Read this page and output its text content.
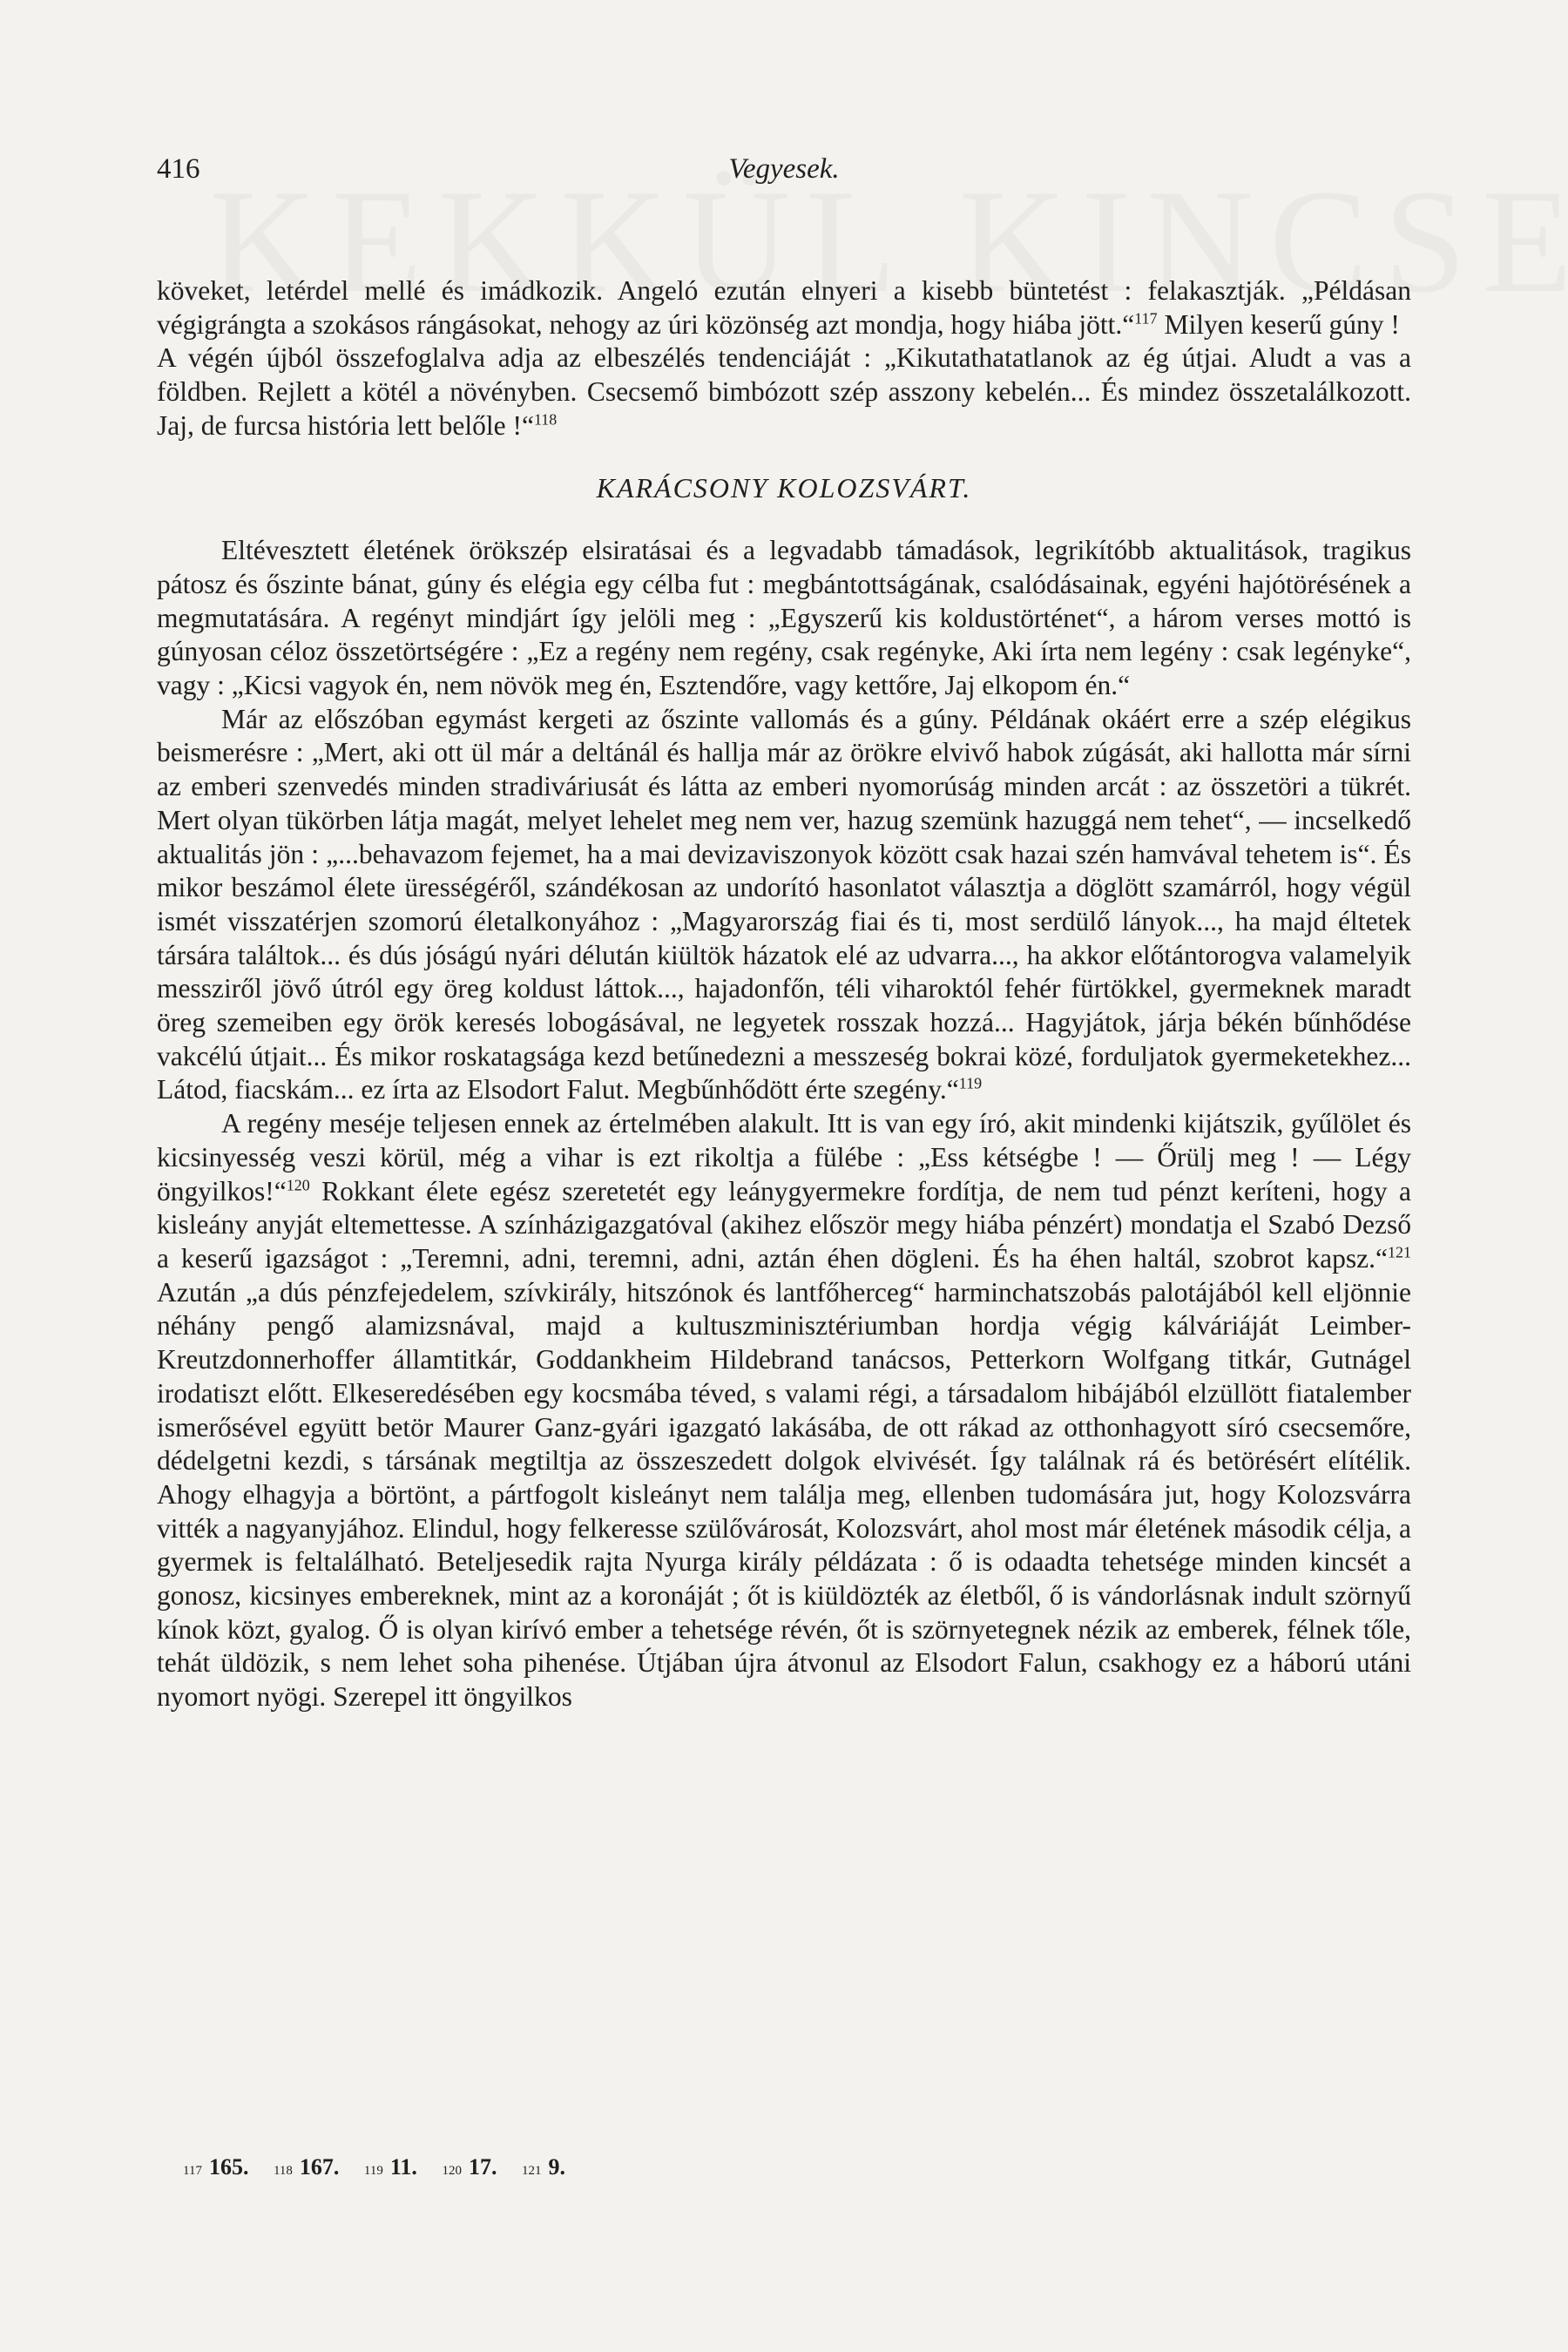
416	Vegyesek.

köveket, letérdel mellé és imádkozik. Angeló ezután elnyeri a kisebb büntetést : felakasztják. „Példásan végigrángta a szokásos rángásokat, nehogy az úri közönség azt mondja, hogy hiába jött.“$^{117}$ Milyen keserű gúny !

A végén újból összefoglalva adja az elbeszélés tendenciáját : „Kikutathatatlanok az ég útjai. Aludt a vas a földben. Rejlett a kötél a növényben. Csecsemő bimbózott szép asszony kebelén... És mindez összetalálkozott. Jaj, de furcsa história lett belőle !“$^{118}$

KARÁCSONY KOLOZSVÁRT.

Eltévesztett életének örökszép elsiratásai és a legvadabb támadások, legrikítóbb aktualitások, tragikus pátosz és őszinte bánat, gúny és elégia egy célba fut : megbántottságának, csalódásainak, egyéni hajótörésének a megmutatására. A regényt mindjárt így jelöli meg : „Egyszerű kis koldustörténet“, a három verses mottó is gúnyosan céloz összetörtségére : „Ez a regény nem regény, csak regényke, Aki írta nem legény : csak legényke“, vagy : „Kicsi vagyok én, nem növök meg én, Esztendőre, vagy kettőre, Jaj elkopom én.“

Már az előszóban egymást kergeti az őszinte vallomás és a gúny. Példának okáért erre a szép elégikus beismerésre : „Mert, aki ott ül már a deltánál és hallja már az örökre elvivő habok zúgását, aki hallotta már sírni az emberi szenvedés minden stradiváriusát és látta az emberi nyomorúság minden arcát : az összetöri a tükrét. Mert olyan tükörben látja magát, melyet lehelet meg nem ver, hazug szemünk hazuggá nem tehet“, — incselkedő aktualitás jön : „...behavazom fejemet, ha a mai devizaviszonyok között csak hazai szén hamvával tehetem is“. És mikor beszámol élete ürességéről, szándékosan az undorító hasonlatot választja a döglött szamárról, hogy végül ismét visszatérjen szomorú életalkonyához : „Magyarország fiai és ti, most serdülő lányok..., ha majd éltetek társára találtok... és dús jóságú nyári délután kiültök házatok elé az udvarra..., ha akkor előtántorogva valamelyik messziről jövő útról egy öreg koldust láttok..., hajadonfőn, téli viharoktól fehér fürtökkel, gyermeknek maradt öreg szemeiben egy örök keresés lobogásával, ne legyetek rosszak hozzá... Hagyjátok, járja békén bűnhődése vakcélú útjait... És mikor roskatagsága kezd betűnedezni a messzeség bokrai közé, forduljatok gyermeketekhez... Látod, fiacskám... ez írta az Elsodort Falut. Megbűnhődött érte szegény.“$^{119}$

A regény meséje teljesen ennek az értelmében alakult. Itt is van egy író, akit mindenki kijátszik, gyűlölet és kicsinyesség veszi körül, még a vihar is ezt rikoltja a fülébe : „Ess kétségbe ! — Őrülj meg ! — Légy öngyilkos!“$^{120}$ Rokkant élete egész szeretetét egy leánygyermekre fordítja, de nem tud pénzt keríteni, hogy a kisleány anyját eltemettesse. A színházigazgatóval (akihez először megy hiába pénzért) mondatja el Szabó Dezső a keserű igazságot : „Teremni, adni, teremni, adni, aztán éhen dögleni. És ha éhen haltál, szobrot kapsz.“$^{121}$ Azután „a dús pénzfejedelem, szívkirály, hitszónok és lantfőherceg“ harminchatszobás palotájából kell eljönnie néhány pengő alamizsnával, majd a kultuszminisztériumban hordja végig kálváriáját Leimber-Kreutzdonnerhoffer államtitkár, Goddankheim Hildebrand tanácsos, Petterkorn Wolfgang titkár, Gutnágel irodatiszt előtt. Elkeseredésében egy kocsmába téved, s valami régi, a társadalom hibájából elzüllött fiatalember ismerősével együtt betör Maurer Ganz-gyári igazgató lakásába, de ott rákad az otthonhagyott síró csecsemőre, dédelgetni kezdi, s társának megtiltja az összeszedett dolgok elvivését. Így találnak rá és betörésért elítélik. Ahogy elhagyja a börtönt, a pártfogolt kisleányt nem találja meg, ellenben tudomására jut, hogy Kolozsvárra vitték a nagyanyjához. Elindul, hogy felkeresse szülővárosát, Kolozsvárt, ahol most már életének második célja, a gyermek is feltalálható. Beteljesedik rajta Nyurga király példázata : ő is odaadta tehetsége minden kincsét a gonosz, kicsinyes embereknek, mint az a koronáját ; őt is kiüldözték az életből, ő is vándorlásnak indult szörnyű kínok közt, gyalog. Ő is olyan kirívó ember a tehetsége révén, őt is szörnyetegnek nézik az emberek, félnek tőle, tehát üldözik, s nem lehet soha pihenése. Útjában újra átvonul az Elsodort Falun, csakhogy ez a háború utáni nyomort nyögi. Szerepel itt öngyilkos

117 165. 118 167. 119 11. 120 17. 121 9.
